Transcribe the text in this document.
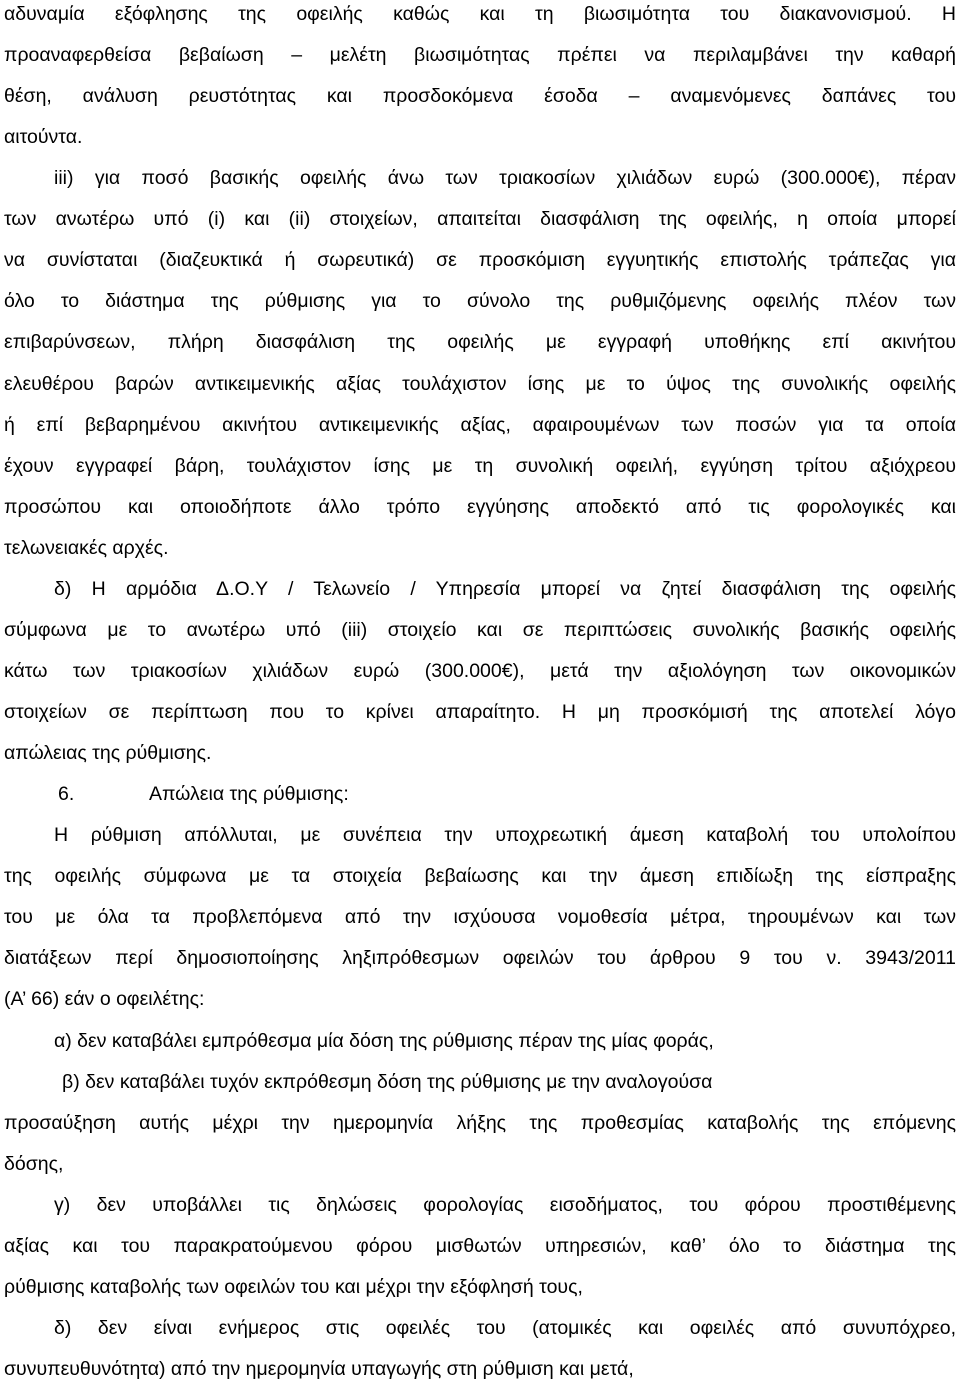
αδυναμία εξόφλησης της οφειλής καθώς και τη βιωσιμότητα του διακανονισμού. Η
προαναφερθείσα βεβαίωση – μελέτη βιωσιμότητας πρέπει να περιλαμβάνει την καθαρή
θέση, ανάλυση ρευστότητας και προσδοκόμενα έσοδα – αναμενόμενες δαπάνες του
αιτούντα.
iii) για ποσό βασικής οφειλής άνω των τριακοσίων χιλιάδων ευρώ (300.000€), πέραν
των ανωτέρω υπό (i) και (ii) στοιχείων, απαιτείται διασφάλιση της οφειλής, η οποία μπορεί
να συνίσταται (διαζευκτικά ή σωρευτικά) σε προσκόμιση εγγυητικής επιστολής τράπεζας για
όλο το διάστημα της ρύθμισης για το σύνολο της ρυθμιζόμενης οφειλής πλέον των
επιβαρύνσεων, πλήρη διασφάλιση της οφειλής με εγγραφή υποθήκης επί ακινήτου
ελευθέρου βαρών αντικειμενικής αξίας τουλάχιστον ίσης με το ύψος της συνολικής οφειλής
ή επί βεβαρημένου ακινήτου αντικειμενικής αξίας, αφαιρουμένων των ποσών για τα οποία
έχουν εγγραφεί βάρη, τουλάχιστον ίσης με τη συνολική οφειλή, εγγύηση τρίτου αξιόχρεου
προσώπου και οποιοδήποτε άλλο τρόπο εγγύησης αποδεκτό από τις φορολογικές και
τελωνειακές αρχές.
δ) Η αρμόδια Δ.Ο.Υ / Τελωνείο / Υπηρεσία μπορεί να ζητεί διασφάλιση της οφειλής
σύμφωνα με το ανωτέρω υπό (iii) στοιχείο και σε περιπτώσεις συνολικής βασικής οφειλής
κάτω των τριακοσίων χιλιάδων ευρώ (300.000€), μετά την αξιολόγηση των οικονομικών
στοιχείων σε περίπτωση που το κρίνει απαραίτητο. Η μη προσκόμισή της αποτελεί λόγο
απώλειας της ρύθμισης.
6.	Απώλεια της ρύθμισης:
Η ρύθμιση απόλλυται, με συνέπεια την υποχρεωτική άμεση καταβολή του υπολοίπου
της οφειλής σύμφωνα με τα στοιχεία βεβαίωσης και την άμεση επιδίωξη της είσπραξης
του με όλα τα προβλεπόμενα από την ισχύουσα νομοθεσία μέτρα, τηρουμένων και των
διατάξεων περί δημοσιοποίησης ληξιπρόθεσμων οφειλών του άρθρου 9 του ν. 3943/2011
(Α’ 66) εάν ο οφειλέτης:
α) δεν καταβάλει εμπρόθεσμα μία δόση της ρύθμισης πέραν της μίας φοράς,
β) δεν καταβάλει τυχόν εκπρόθεσμη δόση της ρύθμισης με την αναλογούσα
προσαύξηση αυτής μέχρι την ημερομηνία λήξης της προθεσμίας καταβολής της επόμενης
δόσης,
γ) δεν υποβάλλει τις δηλώσεις φορολογίας εισοδήματος, του φόρου προστιθέμενης
αξίας και του παρακρατούμενου φόρου μισθωτών υπηρεσιών, καθ’ όλο το διάστημα της
ρύθμισης καταβολής των οφειλών του και μέχρι την εξόφλησή τους,
δ) δεν είναι ενήμερος στις οφειλές του (ατομικές και οφειλές από συνυπόχρεο,
συνυπευθυνότητα) από την ημερομηνία υπαγωγής στη ρύθμιση και μετά,
